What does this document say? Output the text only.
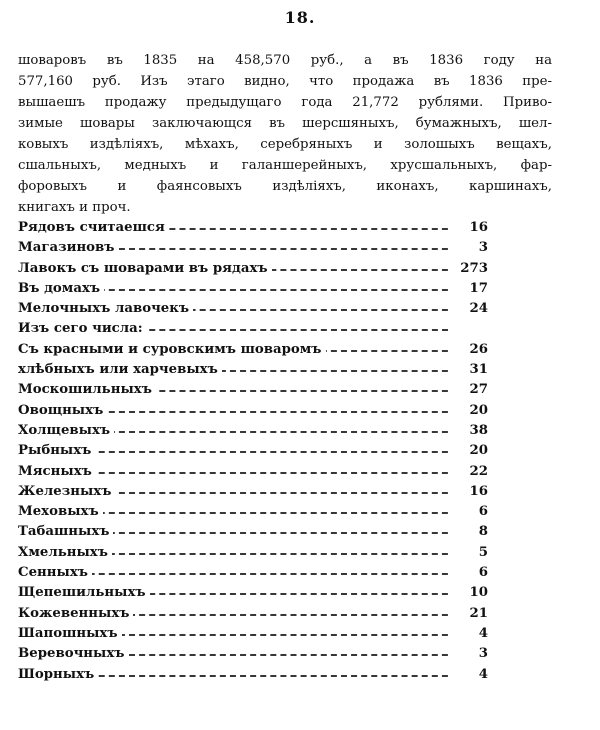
18.
шоваровъ въ 1835 на 458,570 руб., а въ 1836 году на
577,160 руб. Изъ этаго видно, что продажа въ 1836 пре-
вышаешъ продажу предыдущаго года 21,772 рублями. Приво-
зимые шовары заключающся въ шерсшяныхъ, бумажныхъ, шел-
ковыхъ издѣлiяхъ, мѣхахъ, серебряныхъ и золошыхъ вещахъ,
сшальныхъ, медныхъ и галаншерейныхъ, хрусшальныхъ, фар-
форовыхъ и фаянсовыхъ издѣлiяхъ, иконахъ, каршинахъ,
книгахъ и проч.
Рядовъ считаешся	16
Магазиновъ	3
Лавокъ съ шоварами въ рядахъ	273
Въ домахъ	17
Мелочныхъ лавочекъ	24
Изъ сего числа:
Съ красными и суровскимъ шоваромъ	26
хлѣбныхъ или харчевыхъ	31
Москошильныхъ	27
Овощныхъ	20
Холщевыхъ	38
Рыбныхъ	20
Мясныхъ	22
Железныхъ	16
Меховыхъ	6
Табашныхъ	8
Хмельныхъ	5
Сенныхъ	6
Щепешильныхъ	10
Кожевенныхъ	21
Шапошныхъ	4
Веревочныхъ	3
Шорныхъ	4
